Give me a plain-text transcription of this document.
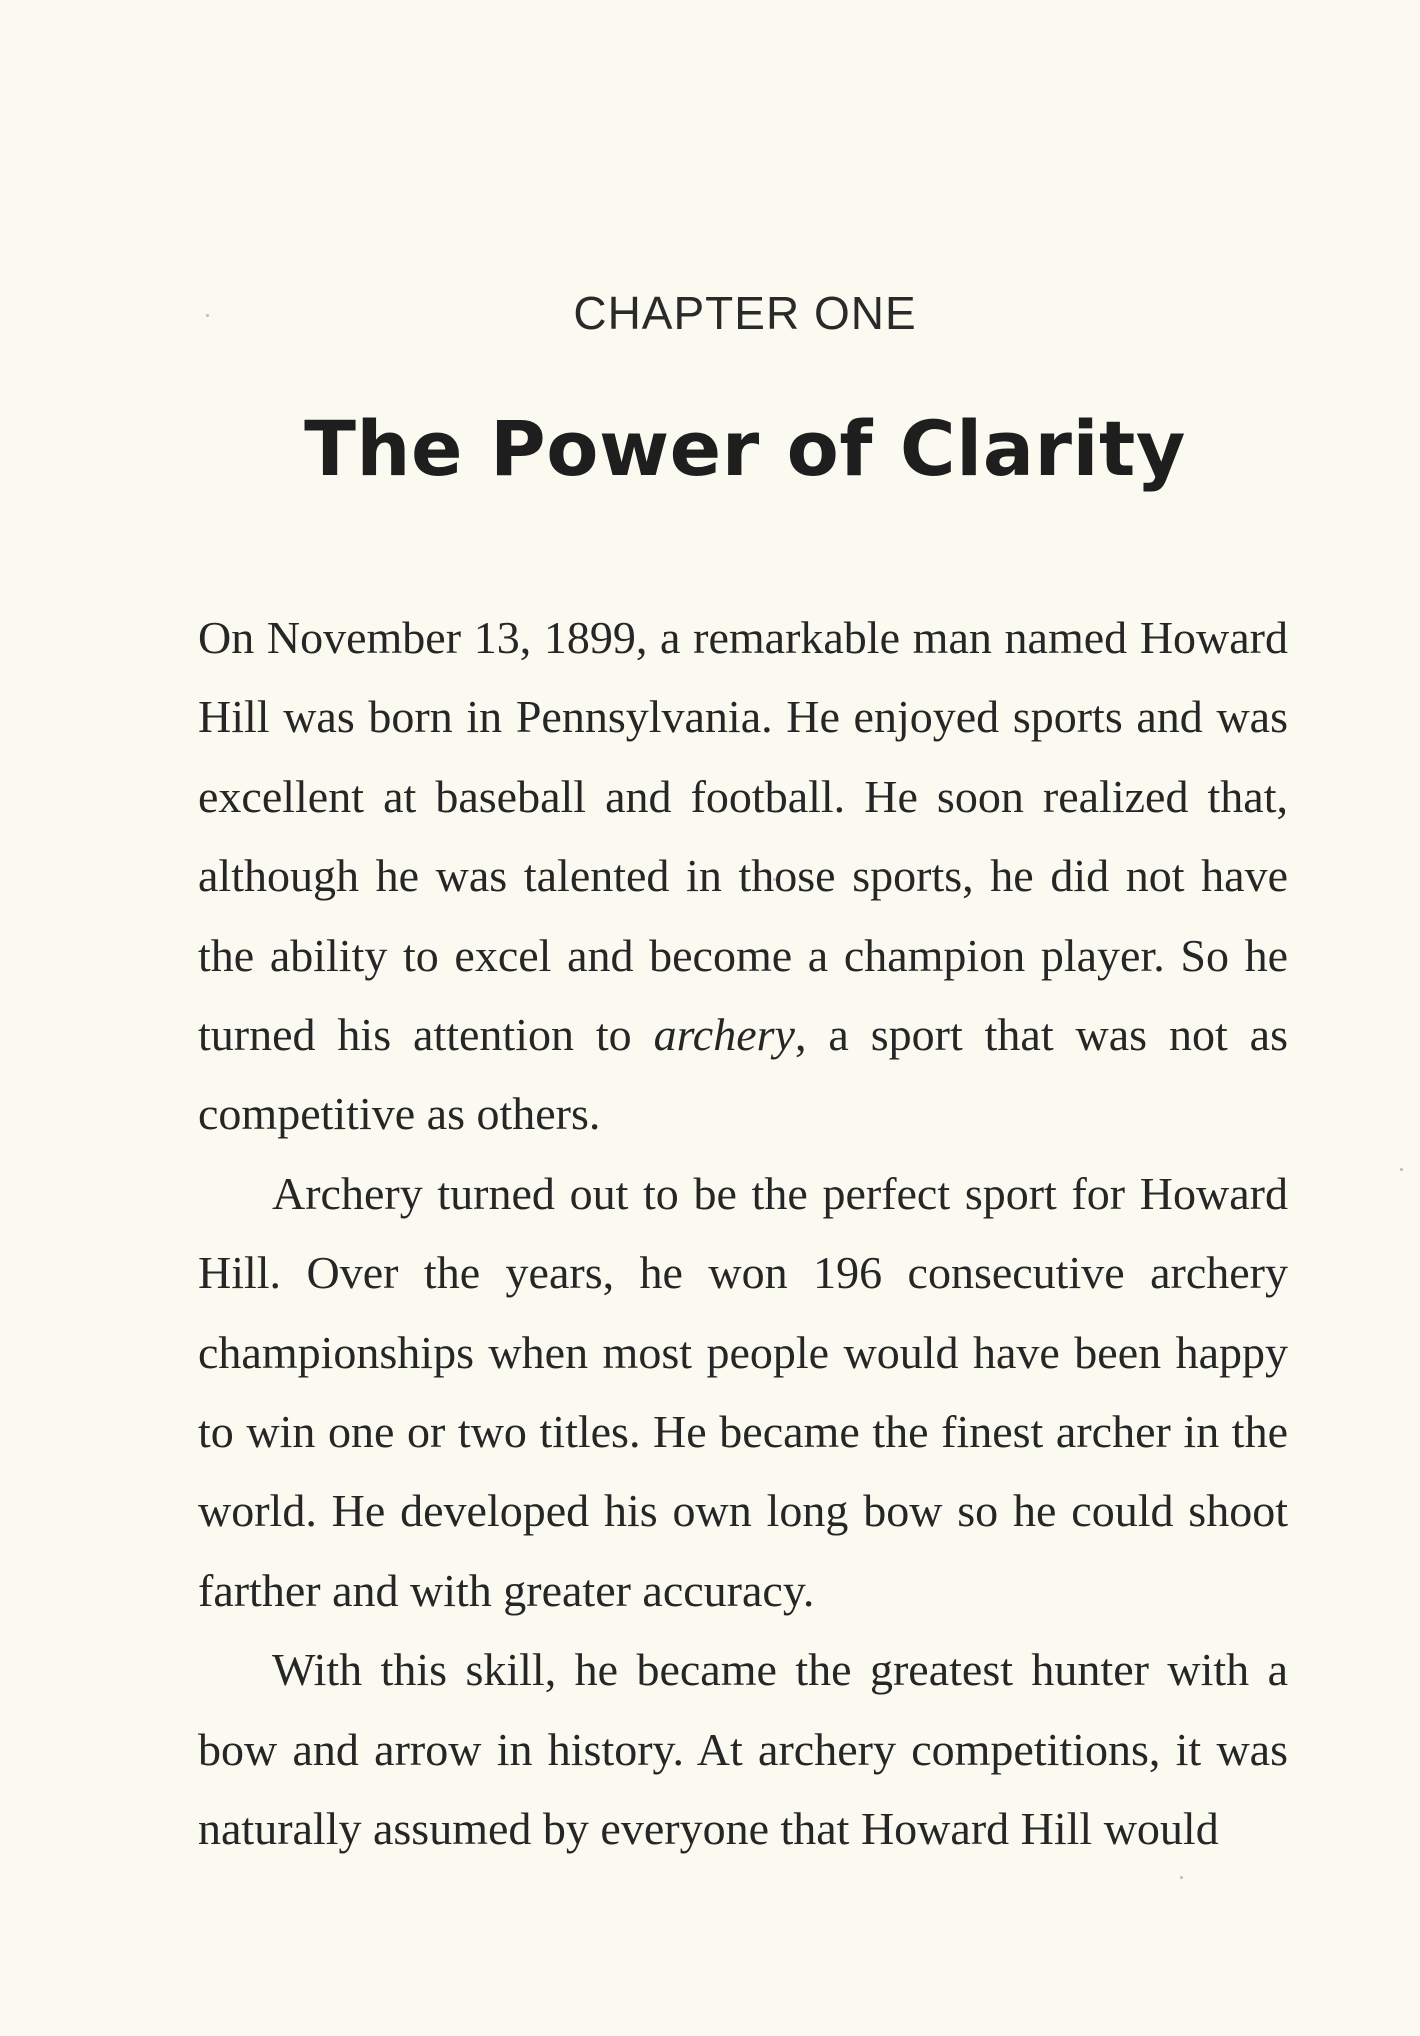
CHAPTER ONE
The Power of Clarity

On November 13, 1899, a remarkable man named Howard Hill was born in Pennsylvania. He enjoyed sports and was excellent at baseball and football. He soon realized that, although he was talented in those sports, he did not have the ability to excel and become a champion player. So he turned his attention to archery, a sport that was not as competitive as others.

Archery turned out to be the perfect sport for Howard Hill. Over the years, he won 196 consecutive archery championships when most people would have been happy to win one or two titles. He became the finest archer in the world. He developed his own long bow so he could shoot farther and with greater accuracy.

With this skill, he became the greatest hunter with a bow and arrow in history. At archery competitions, it was naturally assumed by everyone that Howard Hill would
